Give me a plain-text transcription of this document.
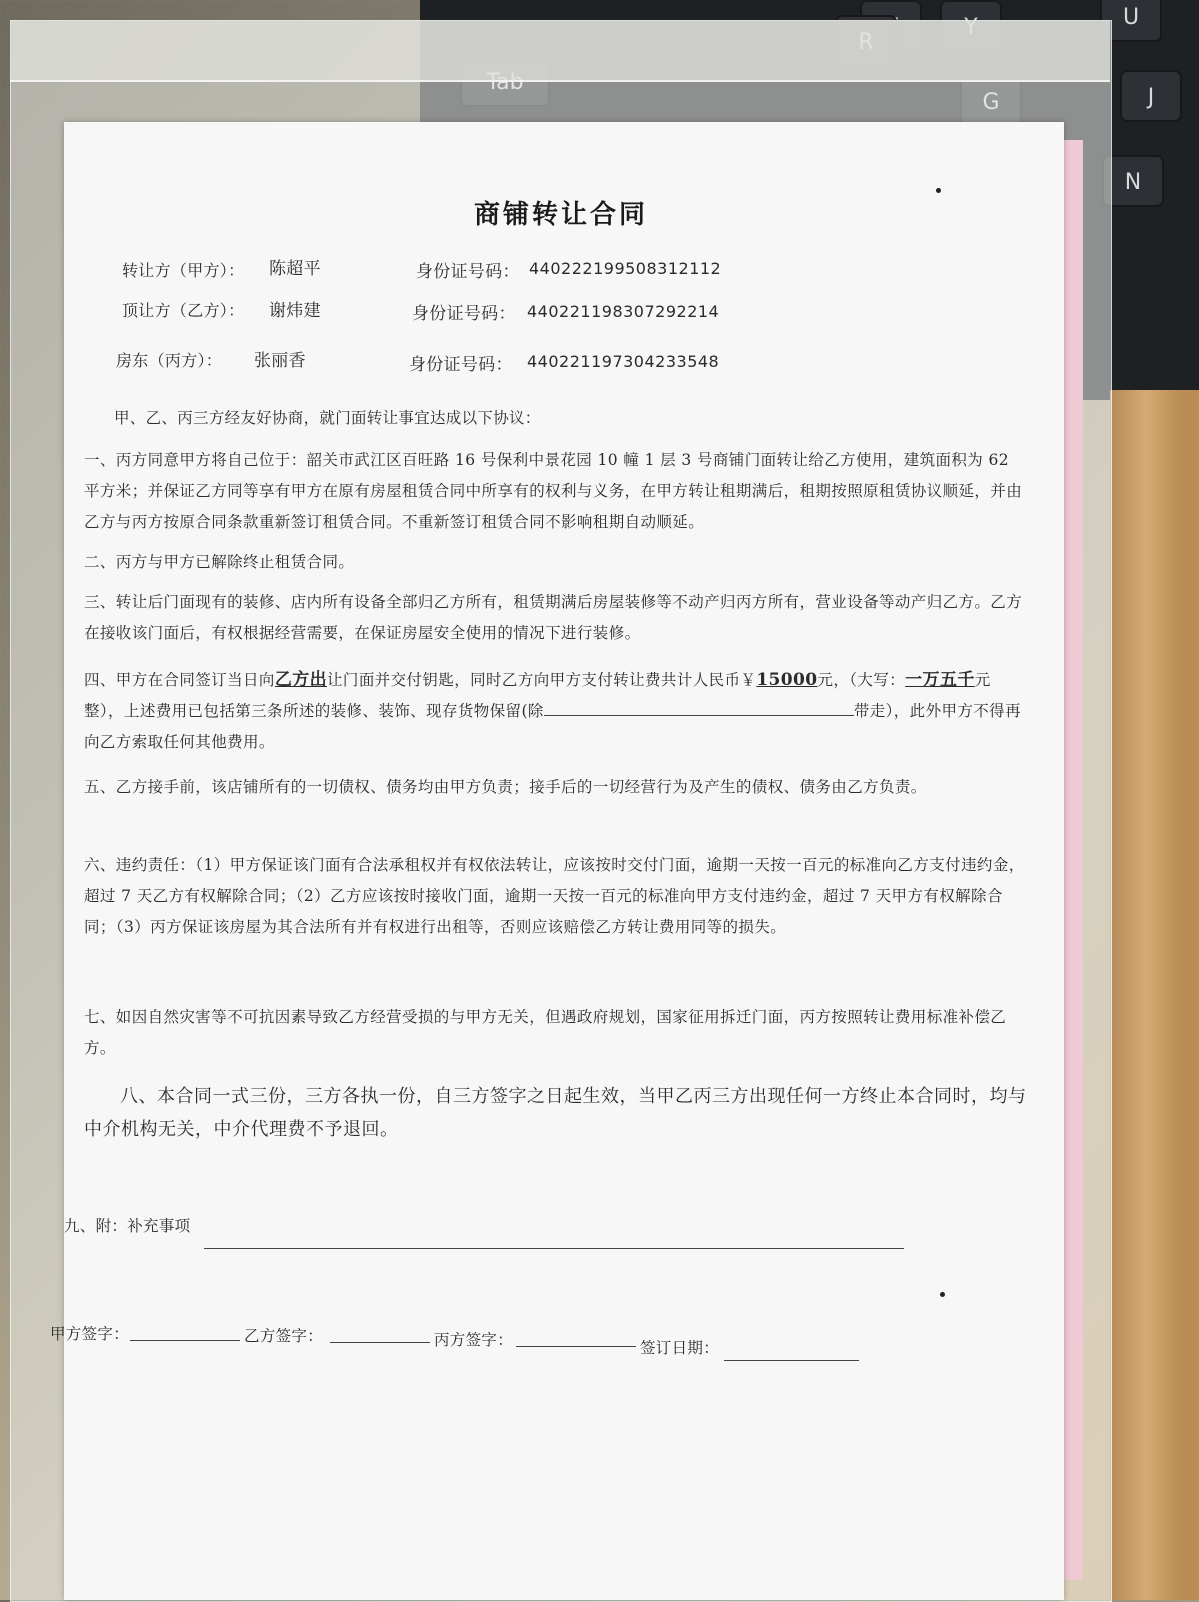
U
J
N
商铺转让合同
转让方（甲方）： 陈超平	身份证号码： 440222199508312112
顶让方（乙方）： 谢炜建	身份证号码： 440221198307292214
房东（丙方）： 张丽香	身份证号码： 440221197304233548
甲、乙、丙三方经友好协商，就门面转让事宜达成以下协议：
一、丙方同意甲方将自己位于：韶关市武江区百旺路 16 号保利中景花园 10 幢 1 层 3 号商铺门面转让给乙方使用，建筑面积为 62 平方米；并保证乙方同等享有甲方在原有房屋租赁合同中所享有的权利与义务，在甲方转让租期满后，租期按照原租赁协议顺延，并由乙方与丙方按原合同条款重新签订租赁合同。不重新签订租赁合同不影响租期自动顺延。
二、丙方与甲方已解除终止租赁合同。
三、转让后门面现有的装修、店内所有设备全部归乙方所有，租赁期满后房屋装修等不动产归丙方所有，营业设备等动产归乙方。乙方在接收该门面后，有权根据经营需要，在保证房屋安全使用的情况下进行装修。
四、甲方在合同签订当日向乙方出让门面并交付钥匙，同时乙方向甲方支付转让费共计人民币￥15000元，（大写：一万五千元整），上述费用已包括第三条所述的装修、装饰、现存货物保留(除	带走），此外甲方不得再向乙方索取任何其他费用。
五、乙方接手前，该店铺所有的一切债权、债务均由甲方负责；接手后的一切经营行为及产生的债权、债务由乙方负责。
六、违约责任：（1）甲方保证该门面有合法承租权并有权依法转让，应该按时交付门面，逾期一天按一百元的标准向乙方支付违约金，超过 7 天乙方有权解除合同；（2）乙方应该按时接收门面，逾期一天按一百元的标准向甲方支付违约金，超过 7 天甲方有权解除合同；（3）丙方保证该房屋为其合法所有并有权进行出租等，否则应该赔偿乙方转让费用同等的损失。
七、如因自然灾害等不可抗因素导致乙方经营受损的与甲方无关，但遇政府规划，国家征用拆迁门面，丙方按照转让费用标准补偿乙方。
八、本合同一式三份，三方各执一份，自三方签字之日起生效，当甲乙丙三方出现任何一方终止本合同时，均与中介机构无关，中介代理费不予退回。
九、附：补充事项
甲方签字：	乙方签字：	丙方签字：	签订日期：
